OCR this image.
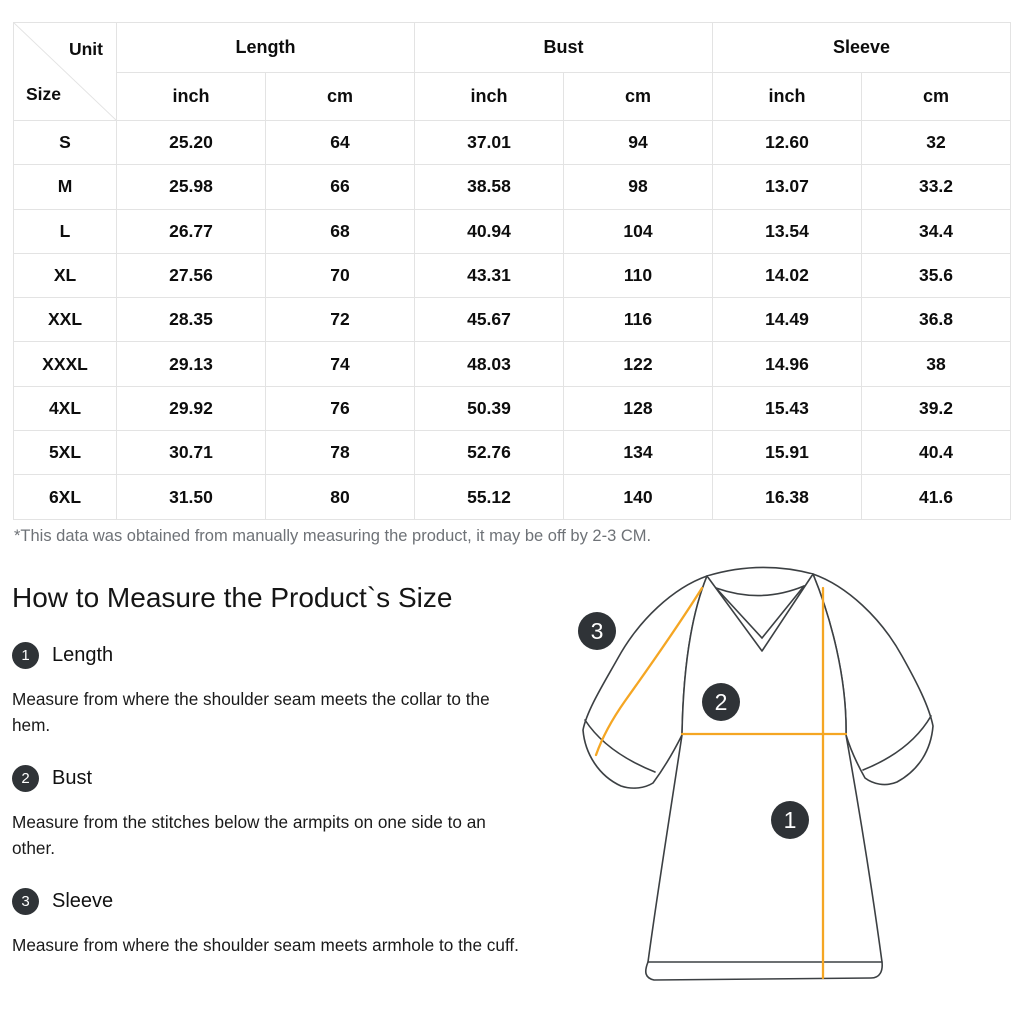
Unit
Size	Length		Bust		Sleeve	
	inch	cm	inch	cm	inch	cm
S	25.20	64	37.01	94	12.60	32
M	25.98	66	38.58	98	13.07	33.2
L	26.77	68	40.94	104	13.54	34.4
XL	27.56	70	43.31	110	14.02	35.6
XXL	28.35	72	45.67	116	14.49	36.8
XXXL	29.13	74	48.03	122	14.96	38
4XL	29.92	76	50.39	128	15.43	39.2
5XL	30.71	78	52.76	134	15.91	40.4
6XL	31.50	80	55.12	140	16.38	41.6

*This data was obtained from manually measuring the product, it may be off by 2-3 CM.

How to Measure the Product`s Size
1 Length

Measure from where the shoulder seam meets the collar to the hem.

2 Bust

Measure from the stitches below the armpits on one side to an other.

3 Sleeve

Measure from where the shoulder seam meets armhole to the cuff.

3
2
1
